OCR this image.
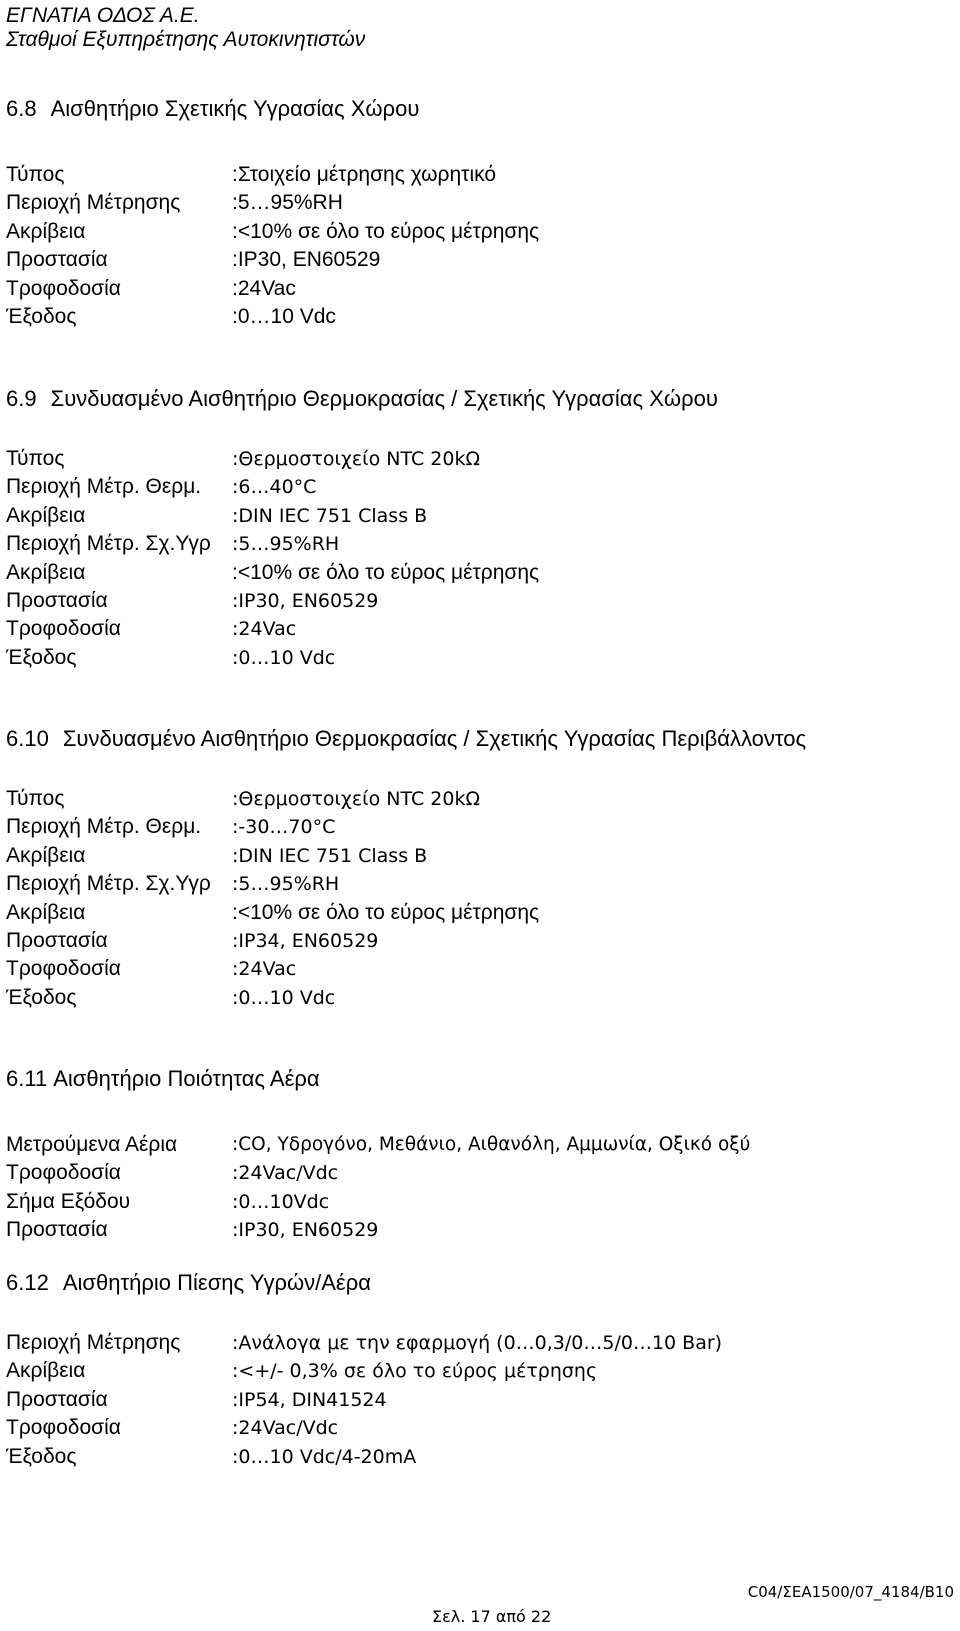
ΕΓΝΑΤΙΑ ΟΔΟΣ Α.Ε.
Σταθμοί Εξυπηρέτησης Αυτοκινητιστών
6.8 Αισθητήριο Σχετικής Υγρασίας Χώρου
Τύπος	:Στοιχείο μέτρησης χωρητικό
Περιοχή Μέτρησης :5…95%RH
Ακρίβεια	:<10% σε όλο το εύρος μέτρησης
Προστασία	:IP30, EN60529
Τροφοδοσία	:24Vac
Έξοδος	:0…10 Vdc
6.9 Συνδυασμένο Αισθητήριο Θερμοκρασίας / Σχετικής Υγρασίας Χώρου
Τύπος	:Θερμοστοιχείο NTC 20kΩ
Περιοχή Μέτρ. Θερμ. :6…40°C
Ακρίβεια	:DIN IEC 751 Class B
Περιοχή Μέτρ. Σχ.Υγρ :5…95%RH
Ακρίβεια	:<10% σε όλο το εύρος μέτρησης
Προστασία	:IP30, EN60529
Τροφοδοσία	:24Vac
Έξοδος	:0…10 Vdc
6.10 Συνδυασμένο Αισθητήριο Θερμοκρασίας / Σχετικής Υγρασίας Περιβάλλοντος
Τύπος	:Θερμοστοιχείο NTC 20kΩ
Περιοχή Μέτρ. Θερμ. :-30…70°C
Ακρίβεια	:DIN IEC 751 Class B
Περιοχή Μέτρ. Σχ.Υγρ :5…95%RH
Ακρίβεια	:<10% σε όλο το εύρος μέτρησης
Προστασία	:IP34, EN60529
Τροφοδοσία	:24Vac
Έξοδος	:0…10 Vdc
6.11 Αισθητήριο Ποιότητας Αέρα
Μετρούμενα Αέρια	:CO, Υδρογόνο, Μεθάνιο, Αιθανόλη, Αμμωνία, Οξικό οξύ
Τροφοδοσία	:24Vac/Vdc
Σήμα Εξόδου	:0…10Vdc
Προστασία	:IP30, EN60529
6.12 Αισθητήριο Πίεσης Υγρών/Αέρα
Περιοχή Μέτρησης	:Ανάλογα με την εφαρμογή (0…0,3/0…5/0…10 Bar)
Ακρίβεια	:<+/- 0,3% σε όλο το εύρος μέτρησης
Προστασία	:IP54, DIN41524
Τροφοδοσία	:24Vac/Vdc
Έξοδος	:0…10 Vdc/4-20mA
C04/ΣΕΑ1500/07_4184/B10
Σελ. 17 από 22
